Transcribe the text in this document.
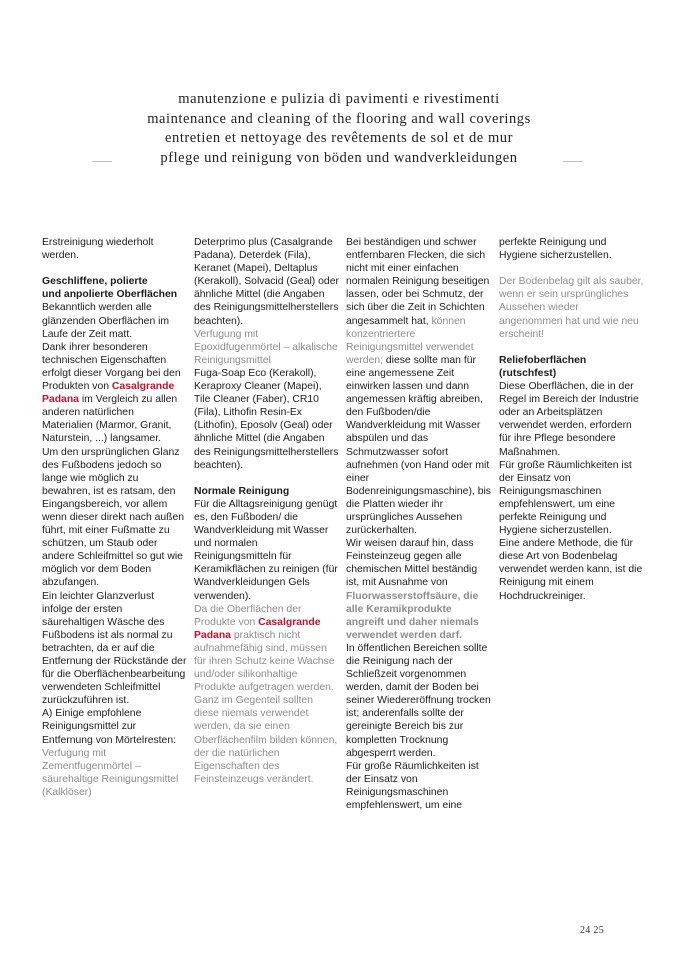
manutenzione e pulizia di pavimenti e rivestimenti
maintenance and cleaning of the flooring and wall coverings
entretien et nettoyage des revêtements de sol et de mur
pflege und reinigung von böden und wandverkleidungen

Erstreinigung wiederholt werden.

Geschliffene, polierte
und anpolierte Oberflächen

Bekanntlich werden alle glänzenden Oberflächen im Laufe der Zeit matt.

Dank ihrer besonderen technischen Eigenschaften erfolgt dieser Vorgang bei den Produkten von Casalgrande Padana im Vergleich zu allen anderen natürlichen Materialien (Marmor, Granit, Naturstein, ...) langsamer.

Um den ursprünglichen Glanz des Fußbodens jedoch so lange wie möglich zu bewahren, ist es ratsam, den Eingangsbereich, vor allem wenn dieser direkt nach außen führt, mit einer Fußmatte zu schützen, um Staub oder andere Schleifmittel so gut wie möglich vor dem Boden abzufangen.

Ein leichter Glanzverlust infolge der ersten säurehaltigen Wäsche des Fußbodens ist als normal zu betrachten, da er auf die Entfernung der Rückstände der für die Oberflächenbearbeitung verwendeten Schleifmittel zurückzuführen ist.

A) Einige empfohlene Reinigungsmittel zur Entfernung von Mörtelresten:

Verfugung mit Zementfugenmörtel – säurehaltige Reinigungsmittel (Kalklöser)

Deterprimo plus (Casalgrande Padana), Deterdek (Fila), Keranet (Mapei), Deltaplus (Kerakoll), Solvacid (Geal) oder ähnliche Mittel (die Angaben des Reinigungsmittelherstellers beachten).

Verfugung mit Epoxidfugenmörtel – alkalische Reinigungsmittel

Fuga-Soap Eco (Kerakoll), Keraproxy Cleaner (Mapei), Tile Cleaner (Faber), CR10 (Fila), Lithofin Resin-Ex (Lithofin), Eposolv (Geal) oder ähnliche Mittel (die Angaben des Reinigungsmittelherstellers beachten).

Normale Reinigung

Für die Alltagsreinigung genügt es, den Fußboden/ die Wandverkleidung mit Wasser und normalen Reinigungsmitteln für Keramikflächen zu reinigen (für Wandverkleidungen Gels verwenden).

Da die Oberflächen der Produkte von Casalgrande Padana praktisch nicht aufnahmefähig sind, müssen für ihren Schutz keine Wachse und/oder silikonhaltige Produkte aufgetragen werden.

Ganz im Gegenteil sollten diese niemals verwendet werden, da sie einen Oberflächenfilm bilden können, der die natürlichen Eigenschaften des Feinsteinzeugs verändert.

Bei beständigen und schwer entfernbaren Flecken, die sich nicht mit einer einfachen normalen Reinigung beseitigen lassen, oder bei Schmutz, der sich über die Zeit in Schichten angesammelt hat, können konzentriertere Reinigungsmittel verwendet werden; diese sollte man für eine angemessene Zeit einwirken lassen und dann angemessen kräftig abreiben, den Fußboden/die Wandverkleidung mit Wasser abspülen und das Schmutzwasser sofort aufnehmen (von Hand oder mit einer Bodenreinigungsmaschine), bis die Platten wieder ihr ursprüngliches Aussehen zurückerhalten.

Wir weisen darauf hin, dass Feinsteinzeug gegen alle chemischen Mittel beständig ist, mit Ausnahme von Fluorwasserstoffsäure, die alle Keramikprodukte angreift und daher niemals verwendet werden darf.

In öffentlichen Bereichen sollte die Reinigung nach der Schließzeit vorgenommen werden, damit der Boden bei seiner Wiedereröffnung trocken ist; anderenfalls sollte der gereinigte Bereich bis zur kompletten Trocknung abgesperrt werden.

Für große Räumlichkeiten ist der Einsatz von Reinigungsmaschinen empfehlenswert, um eine

perfekte Reinigung und Hygiene sicherzustellen.

Der Bodenbelag gilt als sauber, wenn er sein ursprüngliches Aussehen wieder angenommen hat und wie neu erscheint!

Reliefoberflächen (rutschfest)

Diese Oberflächen, die in der Regel im Bereich der Industrie oder an Arbeitsplätzen verwendet werden, erfordern für ihre Pflege besondere Maßnahmen.

Für große Räumlichkeiten ist der Einsatz von Reinigungsmaschinen empfehlenswert, um eine perfekte Reinigung und Hygiene sicherzustellen.

Eine andere Methode, die für diese Art von Bodenbelag verwendet werden kann, ist die Reinigung mit einem Hochdruckreiniger.

24 25
